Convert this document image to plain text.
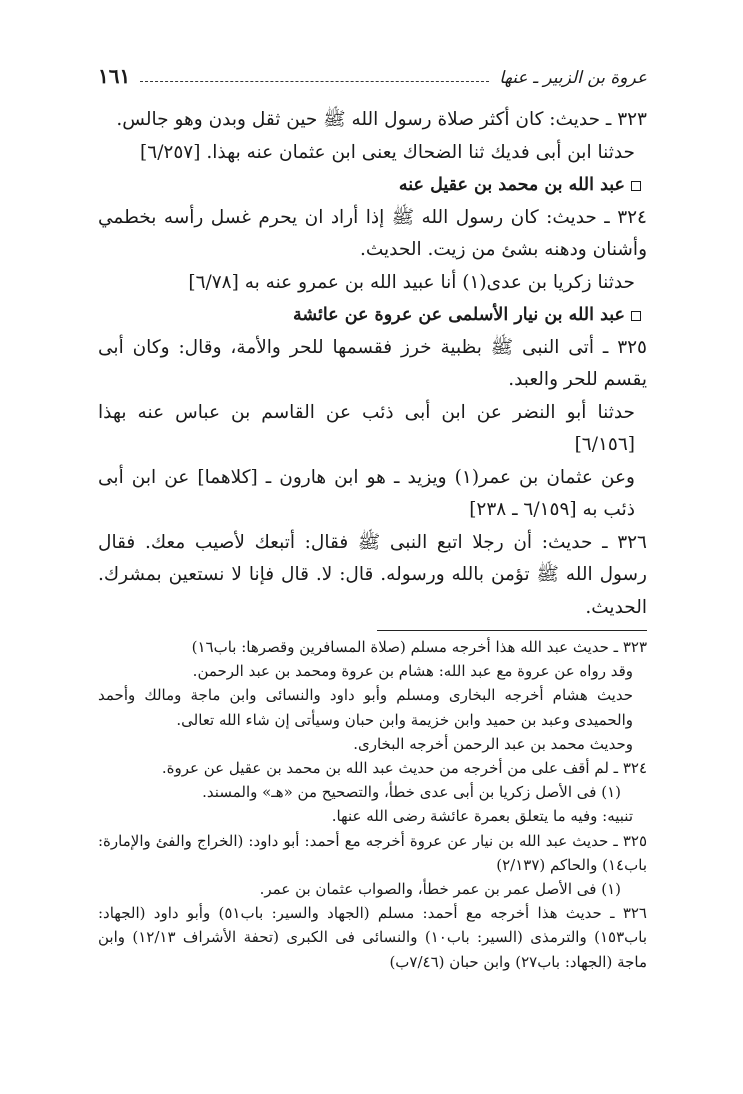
عروة بن الزبير ـ عنها
١٦١

٣٢٣ ـ حديث: كان أكثر صلاة رسول الله ﷺ حين ثقل وبدن وهو جالس.

حدثنا ابن أبى فديك ثنا الضحاك يعنى ابن عثمان عنه بهذا. [٦/٢٥٧]

عبد الله بن محمد بن عقيل عنه

٣٢٤ ـ حديث: كان رسول الله ﷺ إذا أراد ان يحرم غسل رأسه بخطمي وأشنان ودهنه بشئ من زيت. الحديث.

حدثنا زكريا بن عدى(١) أنا عبيد الله بن عمرو عنه به [٦/٧٨]

عبد الله بن نيار الأسلمى عن عروة عن عائشة

٣٢٥ ـ أتى النبى ﷺ بظبية خرز فقسمها للحر والأمة، وقال: وكان أبى يقسم للحر والعبد.

حدثنا أبو النضر عن ابن أبى ذئب عن القاسم بن عباس عنه بهذا [٦/١٥٦]

وعن عثمان بن عمر(١) ويزيد ـ هو ابن هارون ـ [كلاهما] عن ابن أبى ذئب به [٦/١٥٩ ـ ٢٣٨]

٣٢٦ ـ حديث: أن رجلا اتبع النبى ﷺ فقال: أتبعك لأصيب معك. فقال رسول الله ﷺ تؤمن بالله ورسوله. قال: لا. قال فإنا لا نستعين بمشرك. الحديث.

٣٢٣ ـ حديث عبد الله هذا أخرجه مسلم (صلاة المسافرين وقصرها: باب١٦)

وقد رواه عن عروة مع عبد الله: هشام بن عروة ومحمد بن عبد الرحمن.

حديث هشام أخرجه البخارى ومسلم وأبو داود والنسائى وابن ماجة ومالك وأحمد والحميدى وعبد بن حميد وابن خزيمة وابن حبان وسيأتى إن شاء الله تعالى.

وحديث محمد بن عبد الرحمن أخرجه البخارى.

٣٢٤ ـ لم أقف على من أخرجه من حديث عبد الله بن محمد بن عقيل عن عروة.

(١) فى الأصل زكريا بن أبى عدى خطأ، والتصحيح من «هـ» والمسند.

تنبيه: وفيه ما يتعلق بعمرة عائشة رضى الله عنها.

٣٢٥ ـ حديث عبد الله بن نيار عن عروة أخرجه مع أحمد: أبو داود: (الخراج والفئ والإمارة: باب١٤) والحاكم (٢/١٣٧)

(١) فى الأصل عمر بن عمر خطأ، والصواب عثمان بن عمر.

٣٢٦ ـ حديث هذا أخرجه مع أحمد: مسلم (الجهاد والسير: باب٥١) وأبو داود (الجهاد: باب١٥٣) والترمذى (السير: باب١٠) والنسائى فى الكبرى (تحفة الأشراف ١٢/١٣) وابن ماجة (الجهاد: باب٢٧) وابن حبان (٧/٤٦ب)
